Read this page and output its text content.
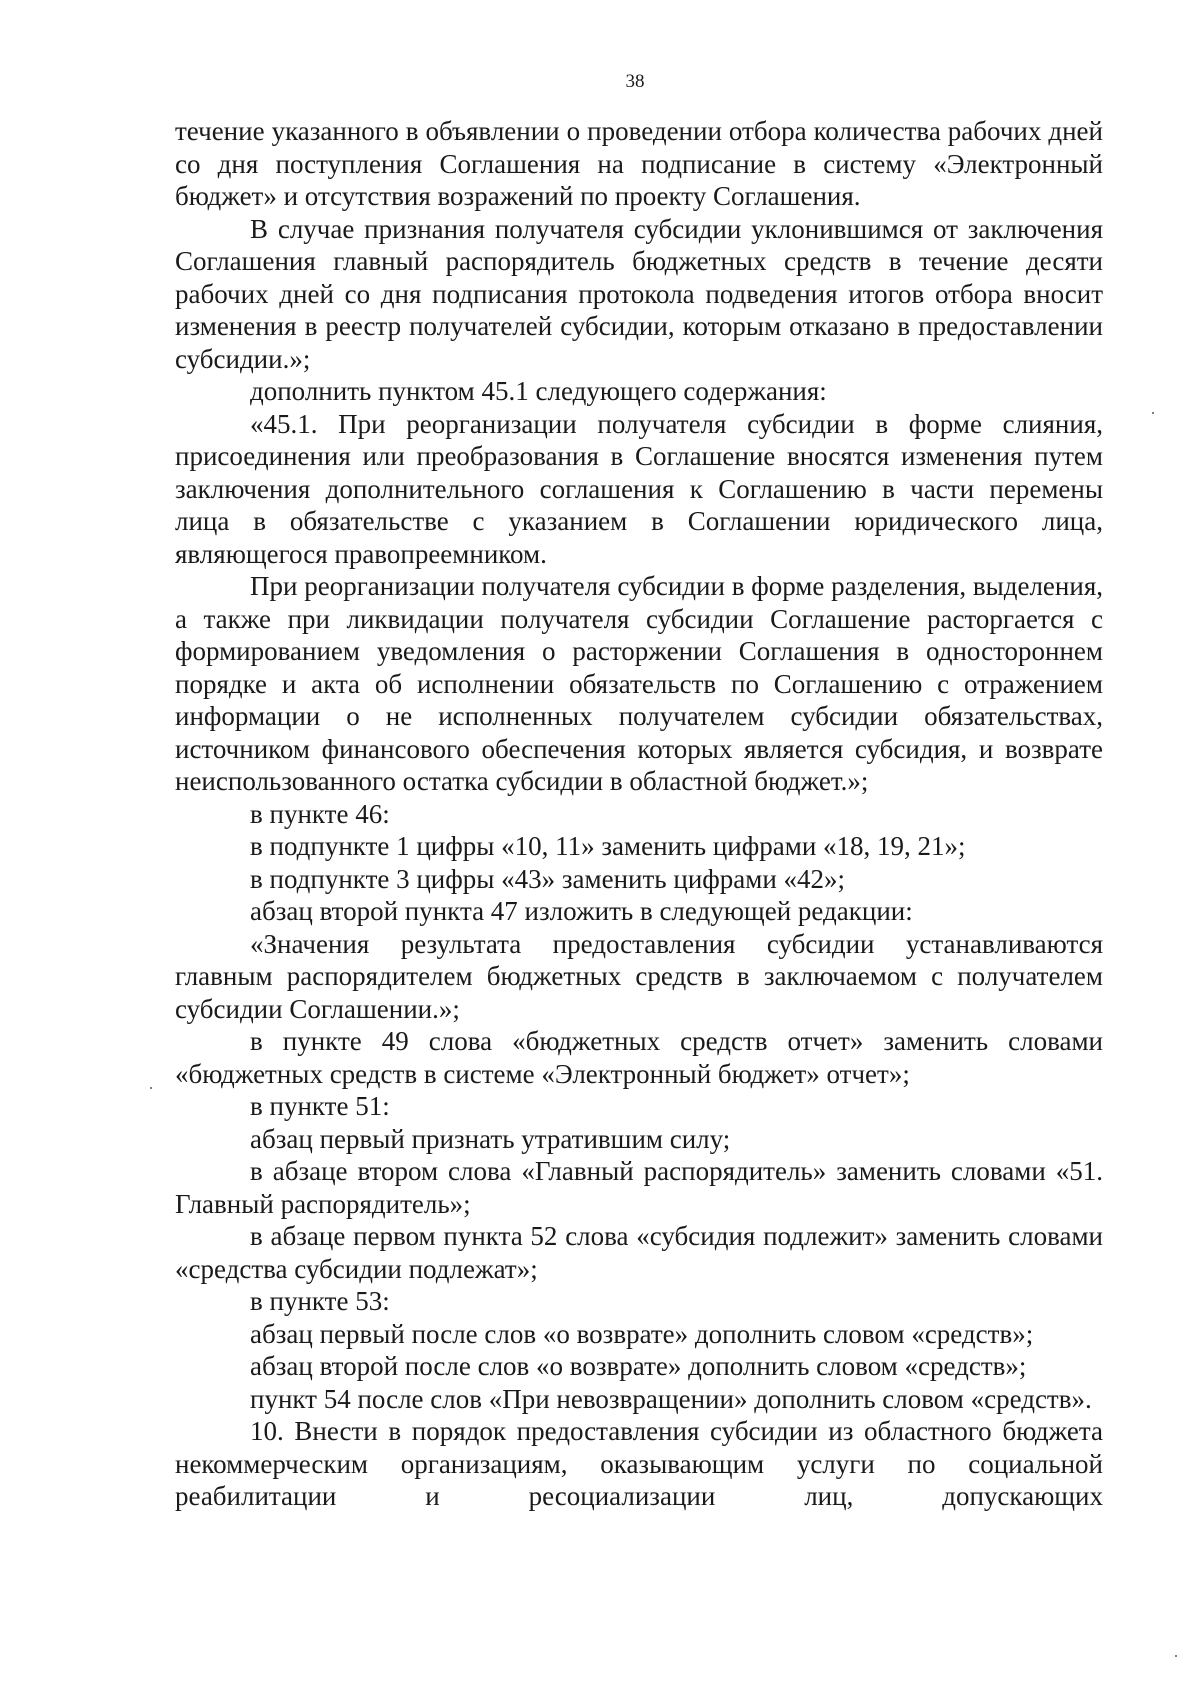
38

течение указанного в объявлении о проведении отбора количества рабочих дней со дня поступления Соглашения на подписание в систему «Электронный бюджет» и отсутствия возражений по проекту Соглашения.

В случае признания получателя субсидии уклонившимся от заключения Соглашения главный распорядитель бюджетных средств в течение десяти рабочих дней со дня подписания протокола подведения итогов отбора вносит изменения в реестр получателей субсидии, которым отказано в предоставлении субсидии.»;

дополнить пунктом 45.1 следующего содержания:

«45.1. При реорганизации получателя субсидии в форме слияния, присоединения или преобразования в Соглашение вносятся изменения путем заключения дополнительного соглашения к Соглашению в части перемены лица в обязательстве с указанием в Соглашении юридического лица, являющегося правопреемником.

При реорганизации получателя субсидии в форме разделения, выделения, а также при ликвидации получателя субсидии Соглашение расторгается с формированием уведомления о расторжении Соглашения в одностороннем порядке и акта об исполнении обязательств по Соглашению с отражением информации о не исполненных получателем субсидии обязательствах, источником финансового обеспечения которых является субсидия, и возврате неиспользованного остатка субсидии в областной бюджет.»;

в пункте 46:

в подпункте 1 цифры «10, 11» заменить цифрами «18, 19, 21»;

в подпункте 3 цифры «43» заменить цифрами «42»;

абзац второй пункта 47 изложить в следующей редакции:

«Значения результата предоставления субсидии устанавливаются главным распорядителем бюджетных средств в заключаемом с получателем субсидии Соглашении.»;

в пункте 49 слова «бюджетных средств отчет» заменить словами «бюджетных средств в системе «Электронный бюджет» отчет»;

в пункте 51:

абзац первый признать утратившим силу;

в абзаце втором слова «Главный распорядитель» заменить словами «51. Главный распорядитель»;

в абзаце первом пункта 52 слова «субсидия подлежит» заменить словами «средства субсидии подлежат»;

в пункте 53:

абзац первый после слов «о возврате» дополнить словом «средств»;

абзац второй после слов «о возврате» дополнить словом «средств»;

пункт 54 после слов «При невозвращении» дополнить словом «средств».

10. Внести в порядок предоставления субсидии из областного бюджета некоммерческим организациям, оказывающим услуги по социальной реабилитации и ресоциализации лиц, допускающих
